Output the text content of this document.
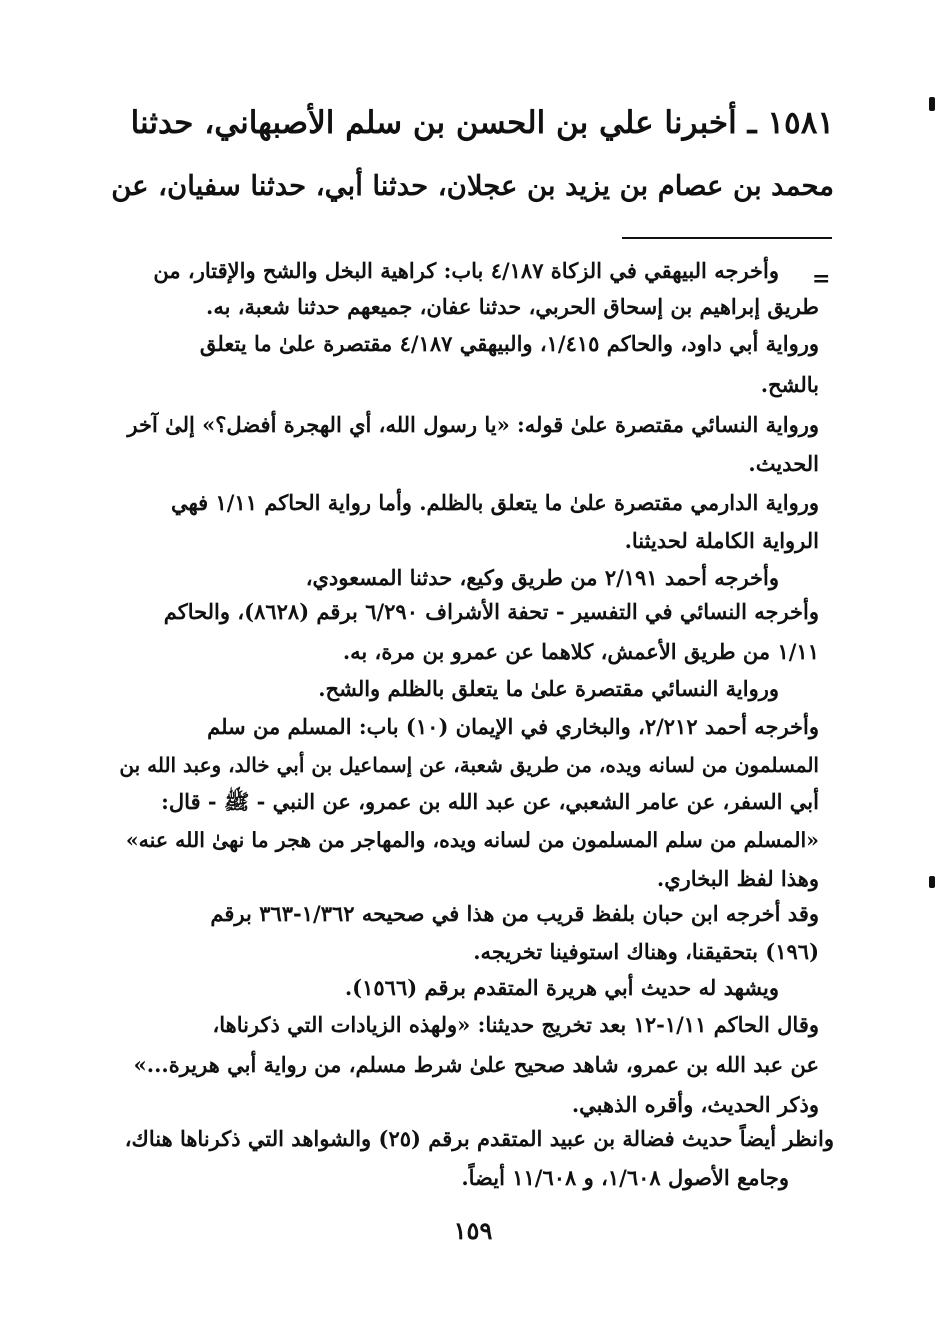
١٥٨١ ـ أخبرنا علي بن الحسن بن سلم الأصبهاني، حدثنا
محمد بن عصام بن يزيد بن عجلان، حدثنا أبي، حدثنا سفيان، عن
=
وأخرجه البيهقي في الزكاة ٤/١٨٧ باب: كراهية البخل والشح والإقتار، من
طريق إبراهيم بن إسحاق الحربي، حدثنا عفان، جميعهم حدثنا شعبة، به.
ورواية أبي داود، والحاكم ١/٤١٥، والبيهقي ٤/١٨٧ مقتصرة علىٰ ما يتعلق
بالشح.
ورواية النسائي مقتصرة علىٰ قوله: «يا رسول الله، أي الهجرة أفضل؟» إلىٰ آخر
الحديث.
ورواية الدارمي مقتصرة علىٰ ما يتعلق بالظلم. وأما رواية الحاكم ١/١١ فهي
الرواية الكاملة لحديثنا.
وأخرجه أحمد ٢/١٩١ من طريق وكيع، حدثنا المسعودي،
وأخرجه النسائي في التفسير - تحفة الأشراف ٦/٢٩٠ برقم (٨٦٢٨)، والحاكم
١/١١ من طريق الأعمش، كلاهما عن عمرو بن مرة، به.
ورواية النسائي مقتصرة علىٰ ما يتعلق بالظلم والشح.
وأخرجه أحمد ٢/٢١٢، والبخاري في الإيمان (١٠) باب: المسلم من سلم
المسلمون من لسانه ويده، من طريق شعبة، عن إسماعيل بن أبي خالد، وعبد الله بن
أبي السفر، عن عامر الشعبي، عن عبد الله بن عمرو، عن النبي - ﷺ - قال:
«المسلم من سلم المسلمون من لسانه ويده، والمهاجر من هجر ما نهىٰ الله عنه»
وهذا لفظ البخاري.
وقد أخرجه ابن حبان بلفظ قريب من هذا في صحيحه ١/٣٦٢-٣٦٣ برقم
(١٩٦) بتحقيقنا، وهناك استوفينا تخريجه.
ويشهد له حديث أبي هريرة المتقدم برقم (١٥٦٦).
وقال الحاكم ١/١١-١٢ بعد تخريج حديثنا: «ولهذه الزيادات التي ذكرناها،
عن عبد الله بن عمرو، شاهد صحيح علىٰ شرط مسلم، من رواية أبي هريرة...»
وذكر الحديث، وأقره الذهبي.
وانظر أيضاً حديث فضالة بن عبيد المتقدم برقم (٢٥) والشواهد التي ذكرناها هناك،
وجامع الأصول ١/٦٠٨، و ١١/٦٠٨ أيضاً.
١٥٩
